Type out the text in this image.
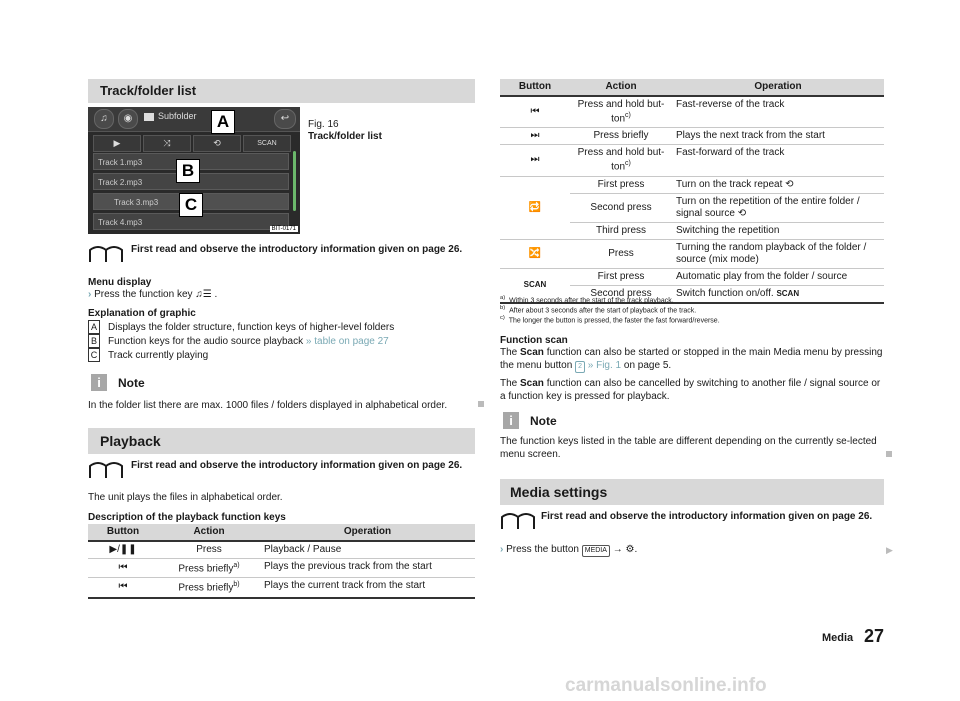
Track/folder list
♫	◉	Subfolder	↩
▶	⤨	⟲	SCAN
Track 1.mp3
Track 2.mp3
Track 3.mp3
Track 4.mp3
A
B
C
BIT-0171
Fig. 16
Track/folder list
First read and observe the introductory information given on page 26.
Menu display
› Press the function key ♫☰ .
Explanation of graphic
A Displays the folder structure, function keys of higher-level folders
B Function keys for the audio source playback » table on page 27
C Track currently playing
i	Note
In the folder list there are max. 1000 files / folders displayed in alphabetical order.
Playback
First read and observe the introductory information given on page 26.
The unit plays the files in alphabetical order.
Description of the playback function keys
Button	Action	Operation
▶/❚❚	Press	Playback / Pause
⏮	Press briefly$^{a)}$	Plays the previous track from the start
⏮	Press briefly$^{b)}$	Plays the current track from the start
Button	Action	Operation
⏮	Press and hold but-ton$^{c)}$	Fast-reverse of the track
⏭	Press briefly	Plays the next track from the start
⏭	Press and hold but-ton$^{c)}$	Fast-forward of the track
🔁	First press	Turn on the track repeat ⟲
	Second press	Turn on the repetition of the entire folder / signal source ⟲
	Third press	Switching the repetition
🔀	Press	Turning the random playback of the folder / source (mix mode)
SCAN	First press	Automatic play from the folder / source
	Second press	Switch function on/off. SCAN
$^{a)}$ Within 3 seconds after the start of the track playback.
$^{b)}$ After about 3 seconds after the start of playback of the track.
$^{c)}$ The longer the button is pressed, the faster the fast forward/reverse.
Function scan
The Scan function can also be started or stopped in the main Media menu by pressing the menu button 2 » Fig. 1 on page 5.
The Scan function can also be cancelled by switching to another file / signal source or a function key is pressed for playback.
i	Note
The function keys listed in the table are different depending on the currently se-lected menu screen.
Media settings
First read and observe the introductory information given on page 26.
› Press the button MEDIA → ⚙.	▶
Media 27
carmanualsonline.info
